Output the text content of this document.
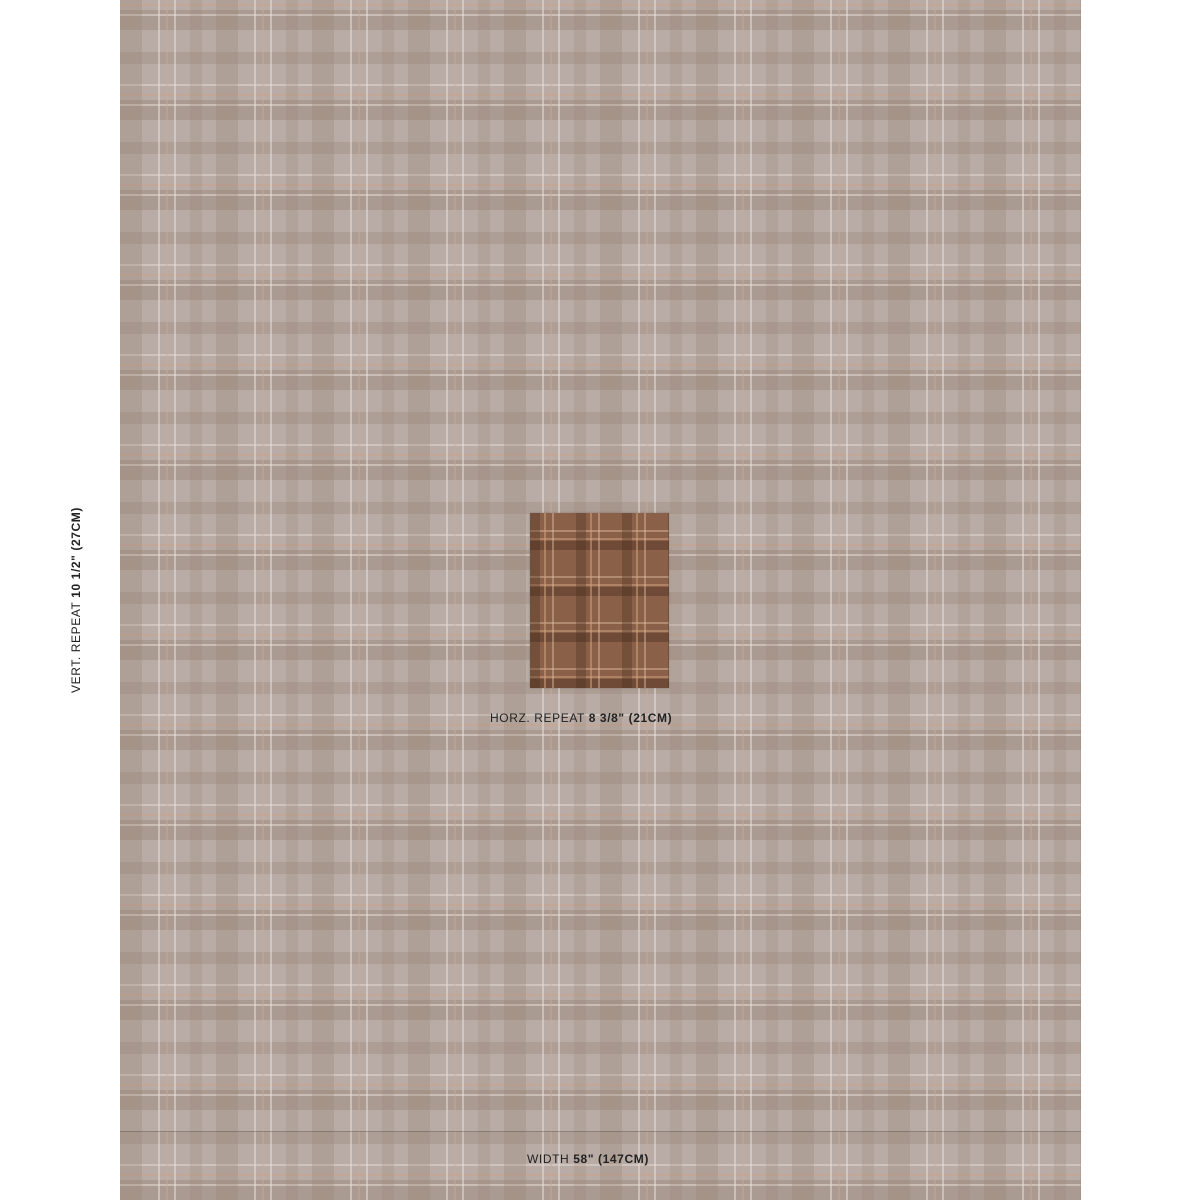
HORZ. REPEAT 8 3/8" (21CM)
WIDTH 58" (147CM)
VERT. REPEAT 10 1/2" (27CM)
